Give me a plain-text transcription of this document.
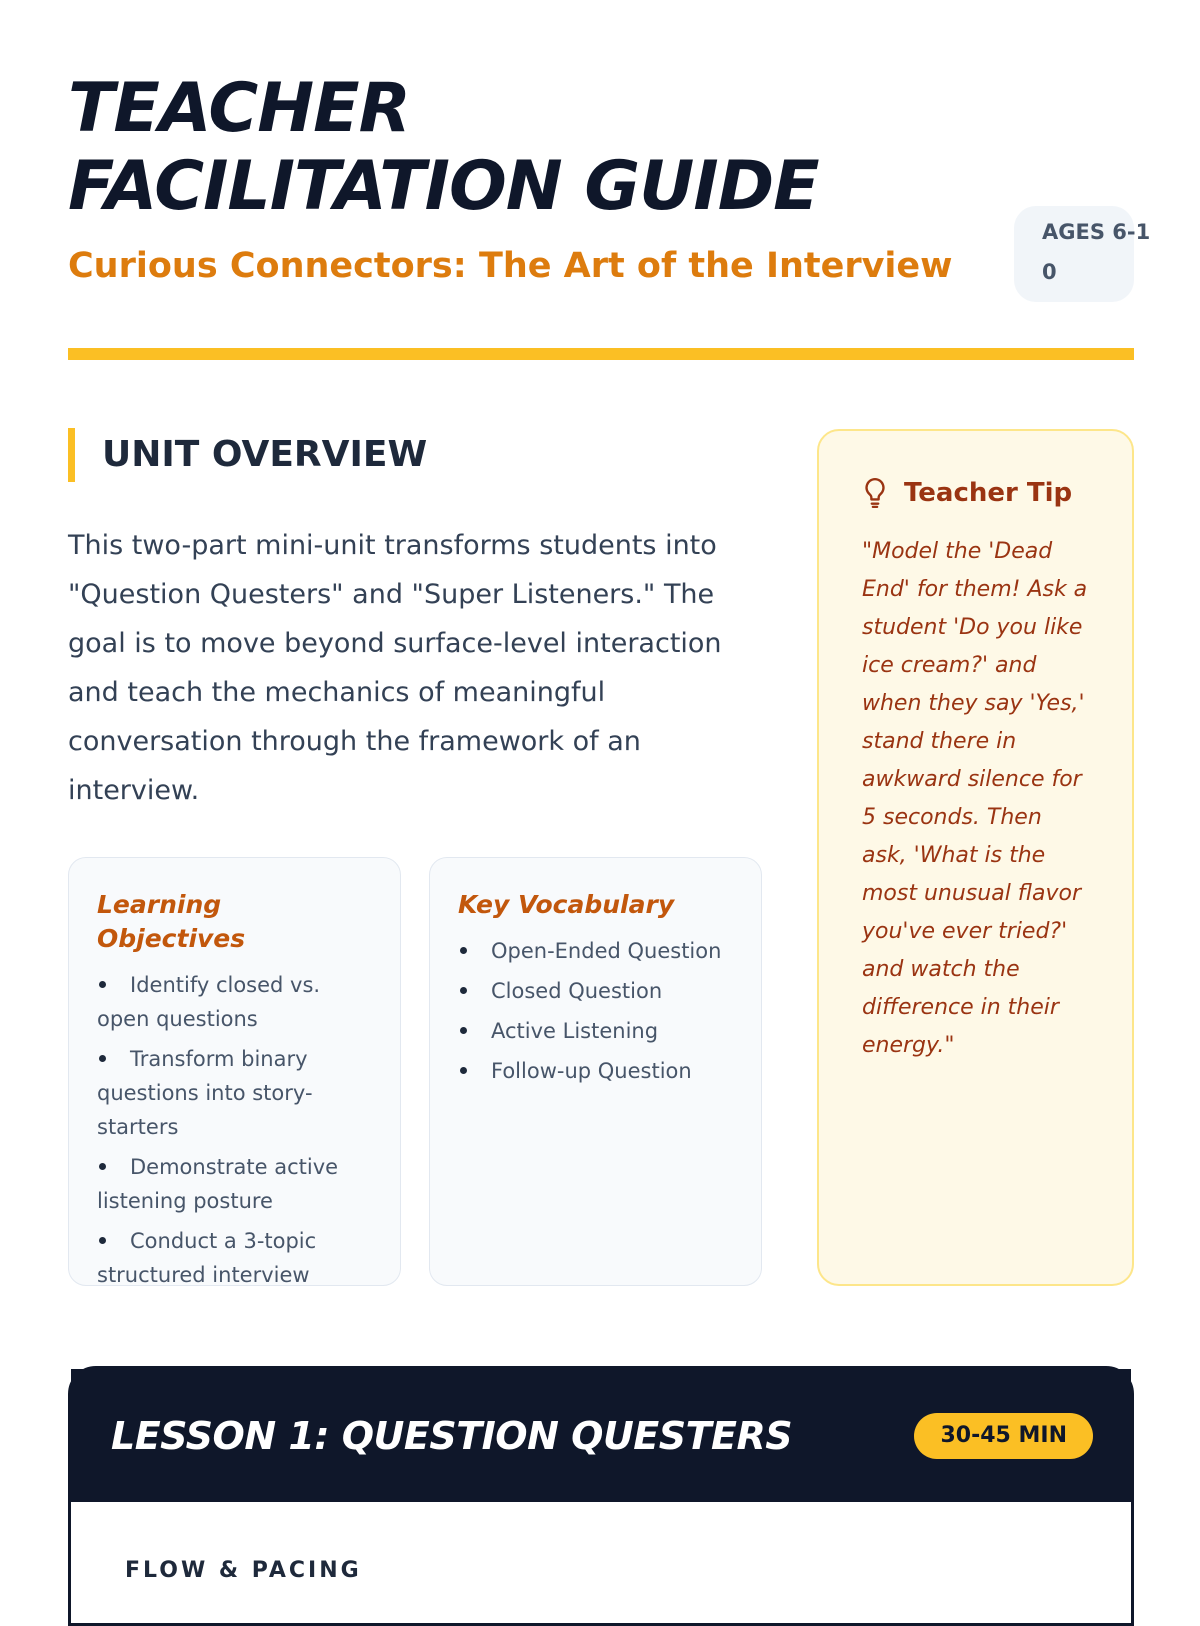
TEACHER
FACILITATION GUIDE
Curious Connectors: The Art of the Interview
AGES 6-10
UNIT OVERVIEW

This two-part mini-unit transforms students into "Question Questers" and "Super Listeners." The goal is to move beyond surface-level interaction and teach the mechanics of meaningful conversation through the framework of an interview.

Learning Objectives
Identify closed vs. open questions
Transform binary questions into story-starters
Demonstrate active listening posture
Conduct a 3-topic structured interview
Key Vocabulary
Open-Ended Question
Closed Question
Active Listening
Follow-up Question
Teacher Tip

"Model the 'Dead End' for them! Ask a student 'Do you like ice cream?' and when they say 'Yes,' stand there in awkward silence for 5 seconds. Then ask, 'What is the most unusual flavor you've ever tried?' and watch the difference in their energy."

LESSON 1: QUESTION QUESTERS	30-45 MIN
FLOW & PACING
